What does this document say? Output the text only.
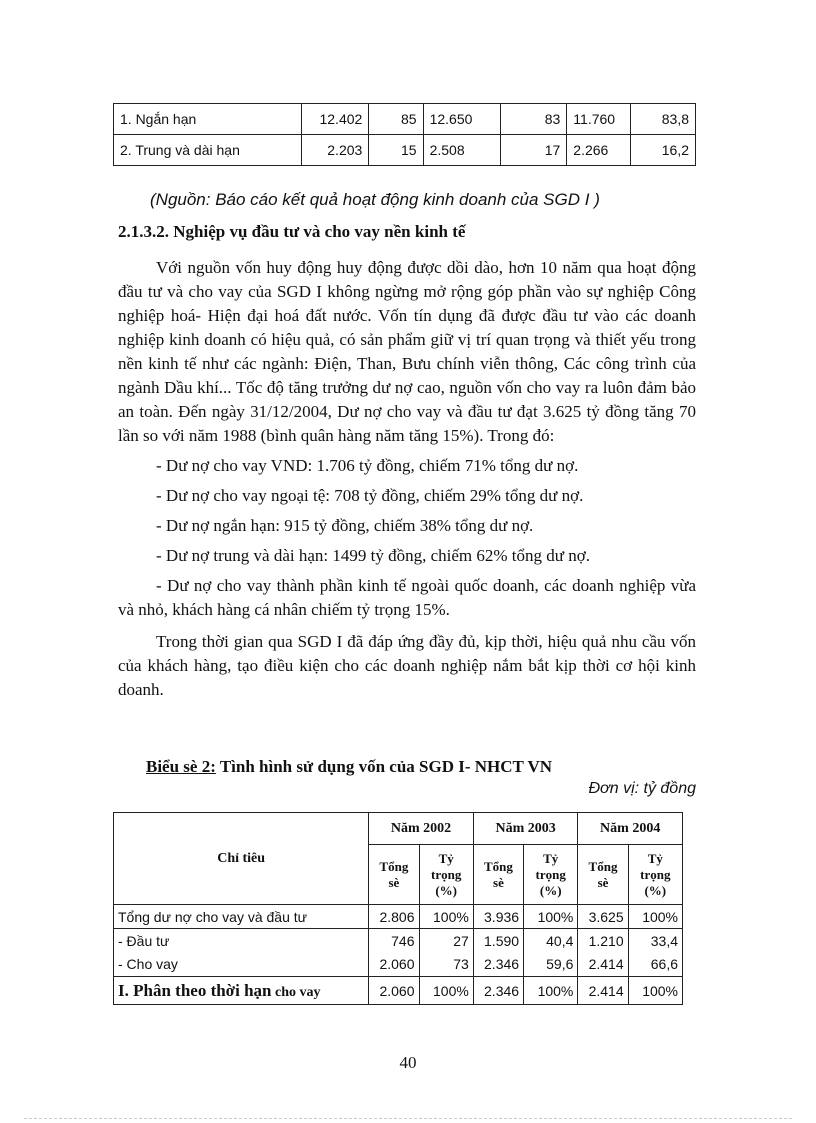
1. Ngắn hạn	12.402	85	12.650	83	11.760	83,8
2. Trung và dài hạn	2.203	15	2.508	17	2.266	16,2
(Nguồn: Báo cáo kết quả hoạt động kinh doanh của SGD I )
2.1.3.2. Nghiệp vụ đầu tư và cho vay nền kinh tế

Với nguồn vốn huy động huy động được dồi dào, hơn 10 năm qua hoạt động đầu tư và cho vay của SGD I không ngừng mở rộng góp phần vào sự nghiệp Công nghiệp hoá- Hiện đại hoá đất nước. Vốn tín dụng đã được đầu tư vào các doanh nghiệp kinh doanh có hiệu quả, có sản phẩm giữ vị trí quan trọng và thiết yếu trong nền kinh tế như các ngành: Điện, Than, Bưu chính viễn thông, Các công trình của ngành Dầu khí... Tốc độ tăng trưởng dư nợ cao, nguồn vốn cho vay ra luôn đảm bảo an toàn. Đến ngày 31/12/2004, Dư nợ cho vay và đầu tư đạt 3.625 tỷ đồng tăng 70 lần so với năm 1988 (bình quân hàng năm tăng 15%). Trong đó:

- Dư nợ cho vay VND: 1.706 tỷ đồng, chiếm 71% tổng dư nợ.

- Dư nợ cho vay ngoại tệ: 708 tỷ đồng, chiếm 29% tổng dư nợ.

- Dư nợ ngắn hạn: 915 tỷ đồng, chiếm 38% tổng dư nợ.

- Dư nợ trung và dài hạn: 1499 tỷ đồng, chiếm 62% tổng dư nợ.

- Dư nợ cho vay thành phần kinh tế ngoài quốc doanh, các doanh nghiệp vừa và nhỏ, khách hàng cá nhân chiếm tỷ trọng 15%.

Trong thời gian qua SGD I đã đáp ứng đầy đủ, kịp thời, hiệu quả nhu cầu vốn của khách hàng, tạo điều kiện cho các doanh nghiệp nắm bắt kịp thời cơ hội kinh doanh.

Biểu sè 2: Tình hình sử dụng vốn của SGD I- NHCT VN
Đơn vị: tỷ đồng
Chỉ tiêu	Năm 2002		Năm 2003		Năm 2004	
	Tổng sè	Tỷ trọng (%)	Tổng sè	Tỷ trọng (%)	Tổng sè	Tỷ trọng (%)
Tổng dư nợ cho vay và đầu tư	2.806	100%	3.936	100%	3.625	100%
- Đầu tư	746	27	1.590	40,4	1.210	33,4
- Cho vay	2.060	73	2.346	59,6	2.414	66,6
I. Phân theo thời hạn cho vay	2.060	100%	2.346	100%	2.414	100%
40
